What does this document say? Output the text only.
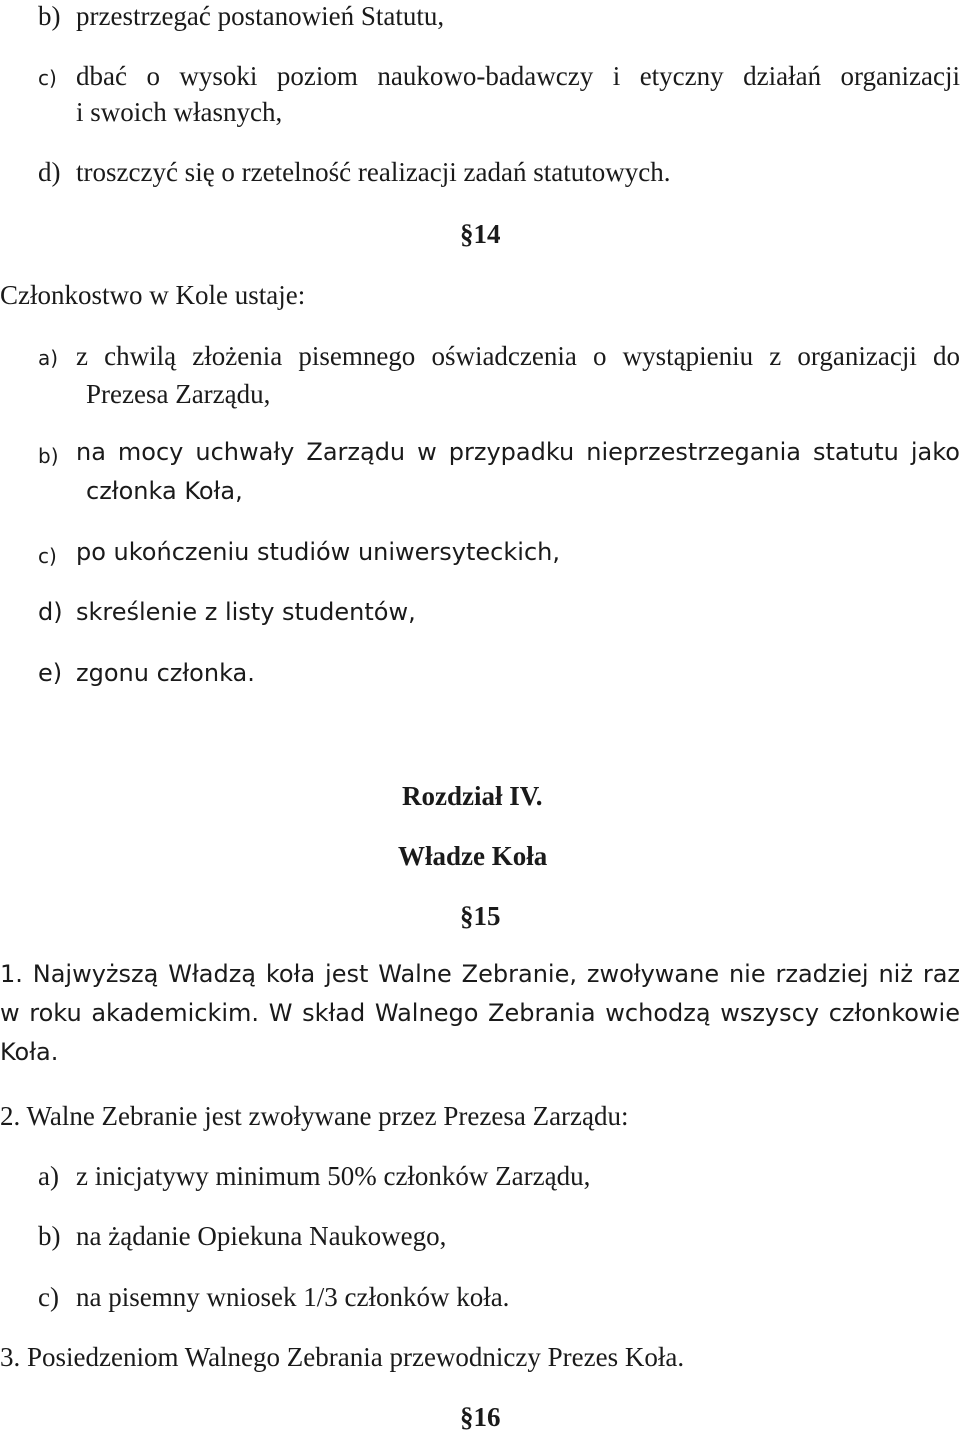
b) przestrzegać postanowień Statutu,
c) dbać o wysoki poziom naukowo-badawczy i etyczny działań organizacji
i swoich własnych,
d) troszczyć się o rzetelność realizacji zadań statutowych.
§14
Członkostwo w Kole ustaje:
a) z chwilą złożenia pisemnego oświadczenia o wystąpieniu z organizacji do
Prezesa Zarządu,
b) na mocy uchwały Zarządu w przypadku nieprzestrzegania statutu jako
członka Koła,
c) po ukończeniu studiów uniwersyteckich,
d) skreślenie z listy studentów,
e) zgonu członka.
Rozdział IV.
Władze Koła
§15
1. Najwyższą Władzą koła jest Walne Zebranie, zwoływane nie rzadziej niż raz
w roku akademickim. W skład Walnego Zebrania wchodzą wszyscy członkowie
Koła.
2. Walne Zebranie jest zwoływane przez Prezesa Zarządu:
a) z inicjatywy minimum 50% członków Zarządu,
b) na żądanie Opiekuna Naukowego,
c) na pisemny wniosek 1/3 członków koła.
3. Posiedzeniom Walnego Zebrania przewodniczy Prezes Koła.
§16
